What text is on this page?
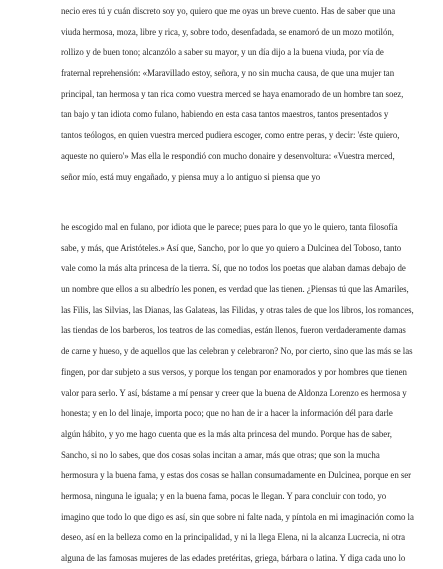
necio eres tú y cuán discreto soy yo, quiero que me oyas un breve cuento. Has de saber que una
viuda hermosa, moza, libre y rica, y, sobre todo, desenfadada, se enamoró de un mozo motilón,
rollizo y de buen tono; alcanzólo a saber su mayor, y un día dijo a la buena viuda, por vía de
fraternal reprehensión: «Maravillado estoy, señora, y no sin mucha causa, de que una mujer tan
principal, tan hermosa y tan rica como vuestra merced se haya enamorado de un hombre tan soez,
tan bajo y tan idiota como fulano, habiendo en esta casa tantos maestros, tantos presentados y
tantos teólogos, en quien vuestra merced pudiera escoger, como entre peras, y decir: 'éste quiero,
aqueste no quiero'» Mas ella le respondió con mucho donaire y desenvoltura: «Vuestra merced,
señor mío, está muy engañado, y piensa muy a lo antiguo si piensa que yo
he escogido mal en fulano, por idiota que le parece; pues para lo que yo le quiero, tanta filosofía
sabe, y más, que Aristóteles.» Así que, Sancho, por lo que yo quiero a Dulcinea del Toboso, tanto
vale como la más alta princesa de la tierra. Sí, que no todos los poetas que alaban damas debajo de
un nombre que ellos a su albedrío les ponen, es verdad que las tienen. ¿Piensas tú que las Amariles,
las Filis, las Silvias, las Dianas, las Galateas, las Filidas, y otras tales de que los libros, los romances,
las tiendas de los barberos, los teatros de las comedias, están llenos, fueron verdaderamente damas
de carne y hueso, y de aquellos que las celebran y celebraron? No, por cierto, sino que las más se las
fingen, por dar subjeto a sus versos, y porque los tengan por enamorados y por hombres que tienen
valor para serlo. Y así, bástame a mí pensar y creer que la buena de Aldonza Lorenzo es hermosa y
honesta; y en lo del linaje, importa poco; que no han de ir a hacer la información dél para darle
algún hábito, y yo me hago cuenta que es la más alta princesa del mundo. Porque has de saber,
Sancho, si no lo sabes, que dos cosas solas incitan a amar, más que otras; que son la mucha
hermosura y la buena fama, y estas dos cosas se hallan consumadamente en Dulcinea, porque en ser
hermosa, ninguna le iguala; y en la buena fama, pocas le llegan. Y para concluir con todo, yo
imagino que todo lo que digo es así, sin que sobre ni falte nada, y píntola en mi imaginación como la
deseo, así en la belleza como en la principalidad, y ni la llega Elena, ni la alcanza Lucrecia, ni otra
alguna de las famosas mujeres de las edades pretéritas, griega, bárbara o latina. Y diga cada uno lo
